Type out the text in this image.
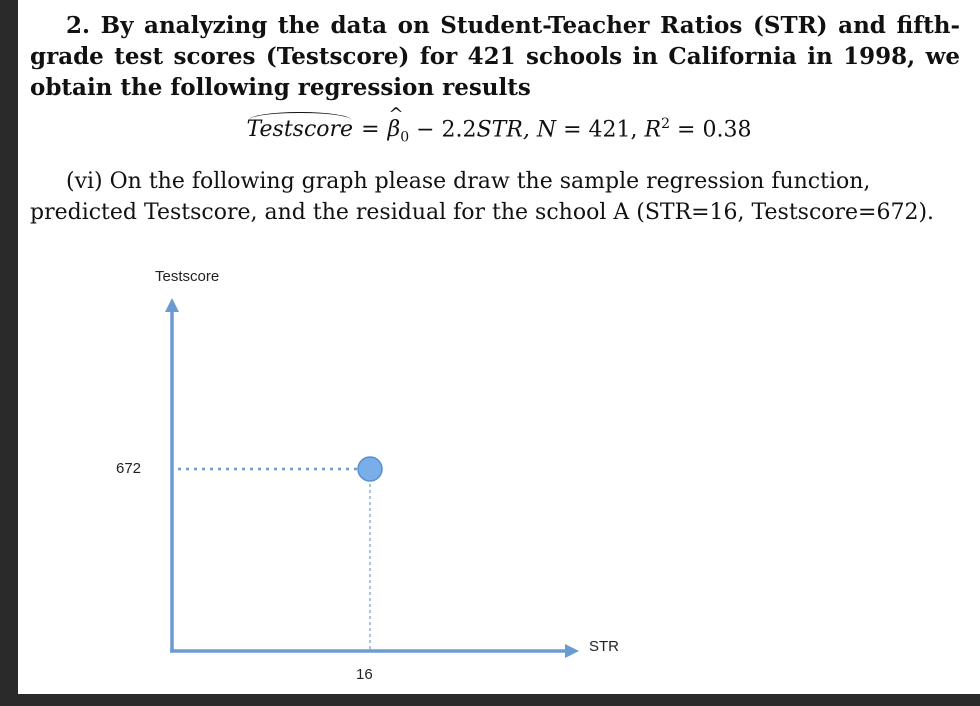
2. By analyzing the data on Student-Teacher Ratios (STR) and fifth-grade test scores (Testscore) for 421 schools in California in 1998, we obtain the following regression results

Testscore =^ $\beta_0 - 2.2STR$, N = 421, $R^2 = 0.38$

(vi) On the following graph please draw the sample regression function, predicted Testscore, and the residual for the school A (STR=16, Testscore=672).

Testscore
STR
672
16
